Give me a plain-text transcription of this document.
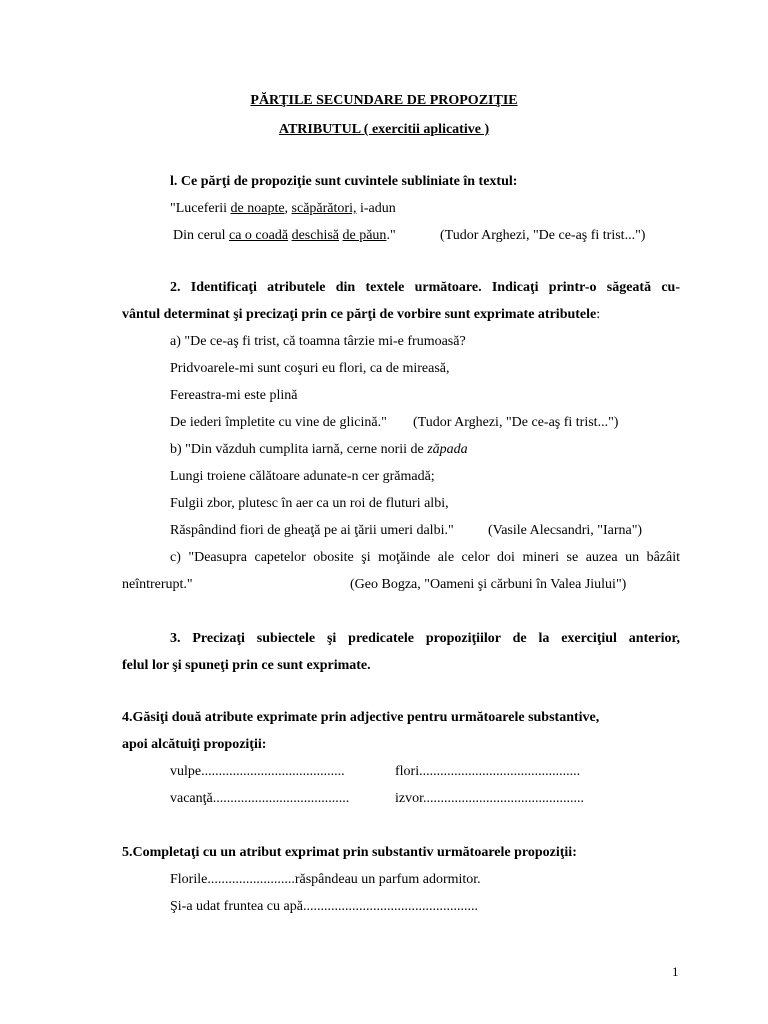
PĂRŢILE SECUNDARE DE PROPOZIŢIE
ATRIBUTUL ( exercitii aplicative )
l. Ce părţi de propoziţie sunt cuvintele subliniate în textul:
"Luceferii de noapte, scăpărători, i-adun
Din cerul ca o coadă deschisă de păun."	(Tudor Arghezi, "De ce-aş fi trist...")
2. Identificaţi atributele din textele următoare. Indicaţi printr-o săgeată cu-
vântul determinat şi precizaţi prin ce părţi de vorbire sunt exprimate atributele:
a) "De ce-aş fi trist, că toamna târzie mi-e frumoasă?
Pridvoarele-mi sunt coşuri eu flori, ca de mireasă,
Fereastra-mi este plină
De iederi împletite cu vine de glicină." (Tudor Arghezi, "De ce-aş fi trist...")
b) "Din văzduh cumplita iarnă, cerne norii de zăpada
Lungi troiene călătoare adunate-n cer grămadă;
Fulgii zbor, plutesc în aer ca un roi de fluturi albi,
Răspândind fiori de gheaţă pe ai ţării umeri dalbi." (Vasile Alecsandri, "Iarna")
c) "Deasupra capetelor obosite şi moţăinde ale celor doi mineri se auzea un bâzâit
neîntrerupt."	(Geo Bogza, "Oameni şi cărbuni în Valea Jiului")
3. Precizaţi subiectele şi predicatele propoziţiilor de la exerciţiul anterior,
felul lor şi spuneţi prin ce sunt exprimate.
4.Găsiţi două atribute exprimate prin adjective pentru următoarele substantive,
apoi alcătuiţi propoziţii:
vulpe.........................................	flori..............................................
vacanţă.......................................	izvor..............................................
5.Completaţi cu un atribut exprimat prin substantiv următoarele propoziţii:
Florile.........................răspândeau un parfum adormitor.
Şi-a udat fruntea cu apă..................................................
1
